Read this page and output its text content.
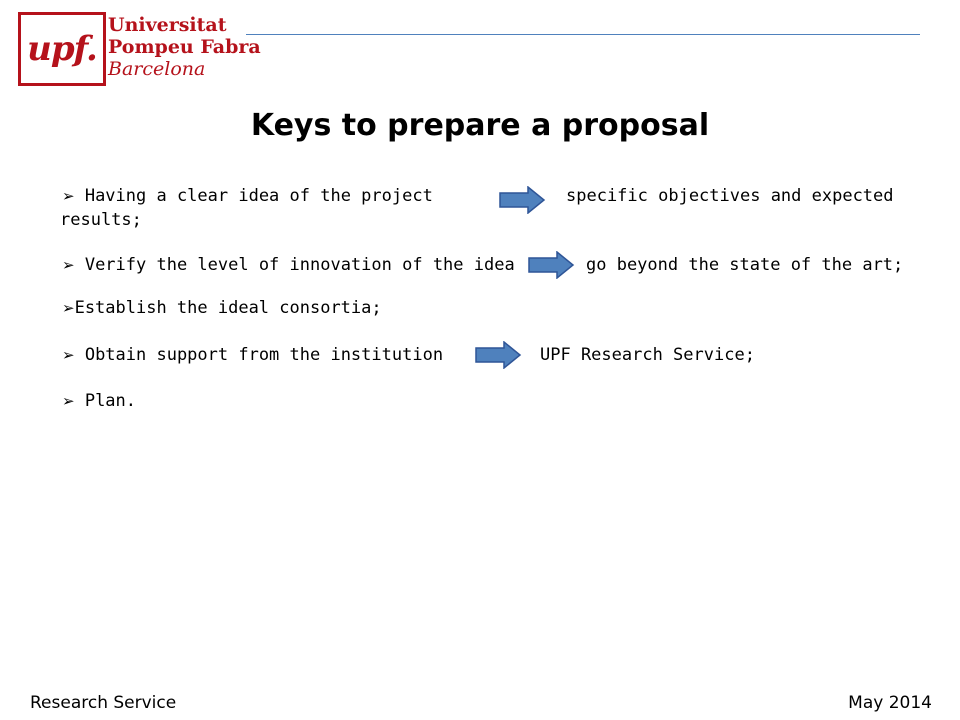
upf.
Universitat
Pompeu Fabra
Barcelona
Keys to prepare a proposal
➢ Having a clear idea of the project	specific objectives and expected
results;
➢ Verify the level of innovation of the idea	go beyond the state of the art;
➢Establish the ideal consortia;
➢ Obtain support from the institution	UPF Research Service;
➢ Plan.
Research Service	May 2014
